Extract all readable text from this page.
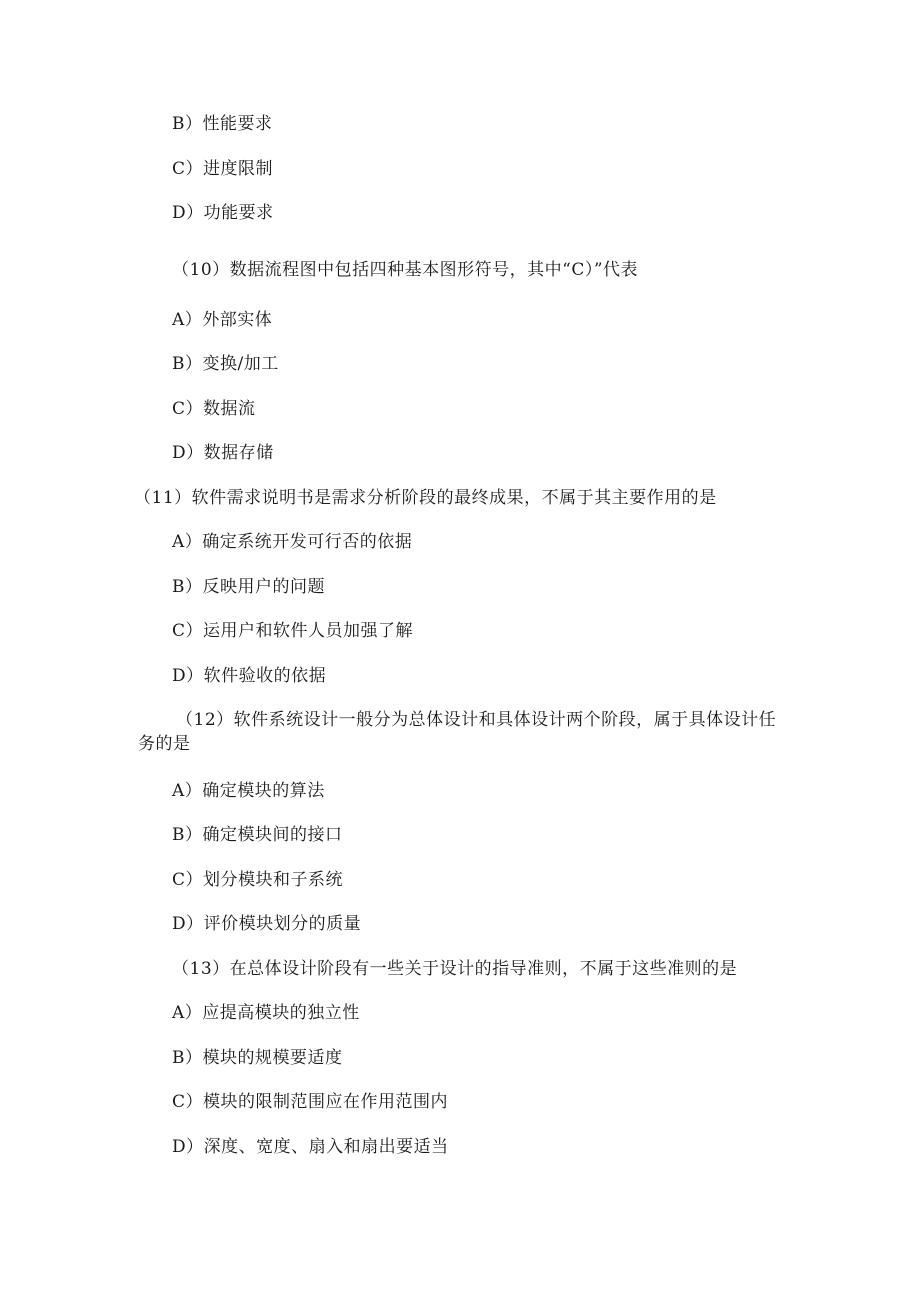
B）性能要求
C）进度限制
D）功能要求
（10）数据流程图中包括四种基本图形符号，其中“C）”代表
A）外部实体
B）变换/加工
C）数据流
D）数据存储
（11）软件需求说明书是需求分析阶段的最终成果，不属于其主要作用的是
A）确定系统开发可行否的依据
B）反映用户的问题
C）运用户和软件人员加强了解
D）软件验收的依据
（12）软件系统设计一般分为总体设计和具体设计两个阶段，属于具体设计任务的是
A）确定模块的算法
B）确定模块间的接口
C）划分模块和子系统
D）评价模块划分的质量
（13）在总体设计阶段有一些关于设计的指导准则，不属于这些准则的是
A）应提高模块的独立性
B）模块的规模要适度
C）模块的限制范围应在作用范围内
D）深度、宽度、扇入和扇出要适当
